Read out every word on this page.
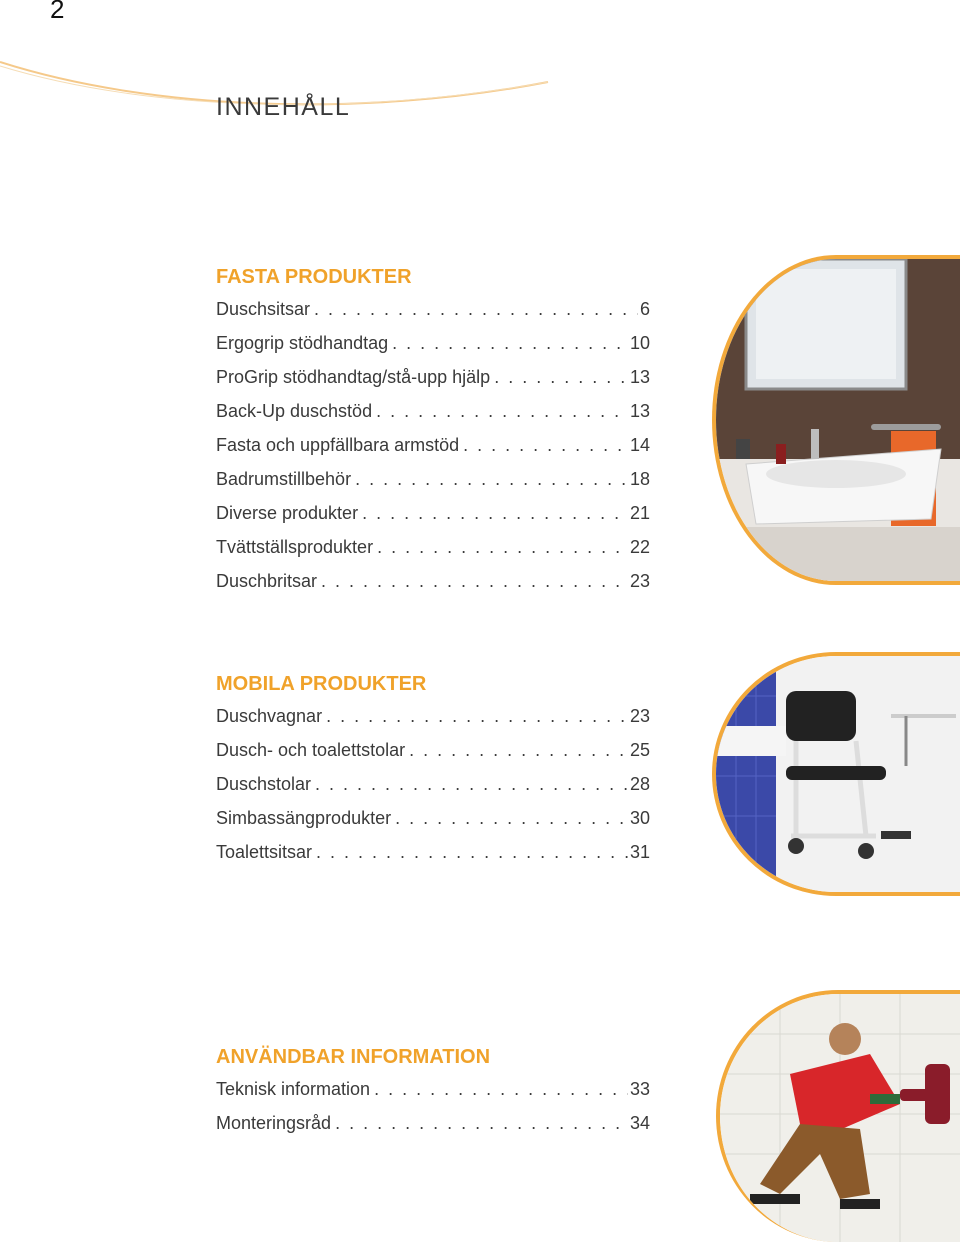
2
INNEHÅLL
FASTA PRODUKTER
Duschsitsar . . .	6
Ergogrip stödhandtag . . .	10
ProGrip stödhandtag/stå-upp hjälp . . .	13
Back-Up duschstöd . . .	13
Fasta och uppfällbara armstöd . . .	14
Badrumstillbehör . . .	18
Diverse produkter . . .	21
Tvättställsprodukter . . .	22
Duschbritsar . . .	23
MOBILA PRODUKTER
Duschvagnar . . .	23
Dusch- och toalettstolar . . .	25
Duschstolar . . .	28
Simbassängprodukter . . .	30
Toalettsitsar . . .	31
ANVÄNDBAR INFORMATION
Teknisk information . . .	33
Monteringsråd . . .	34
